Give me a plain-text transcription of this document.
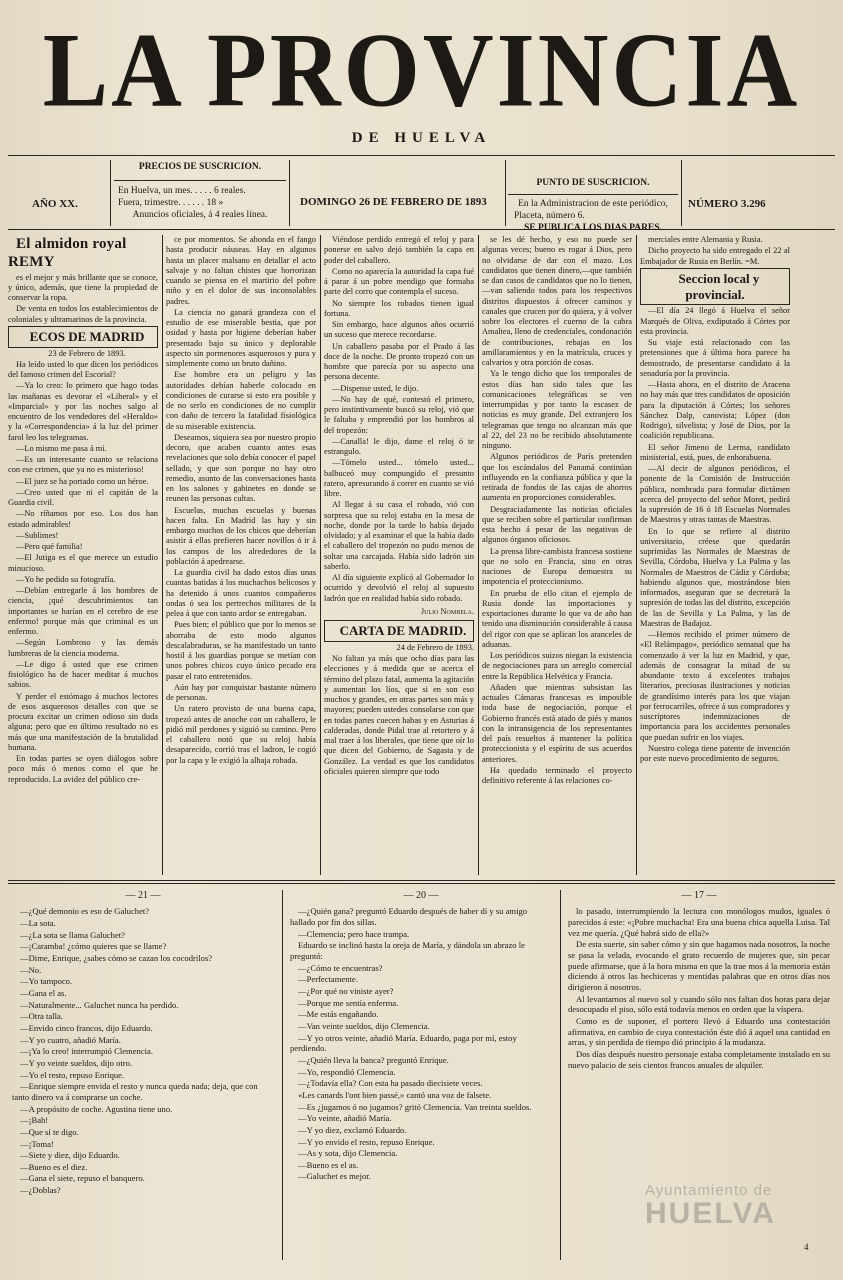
LA PROVINCIA
DE HUELVA
AÑO XX.
PRECIOS DE SUSCRICION.
En Huelva, un mes. . . . . 6 reales.
Fuera, trimestre. . . . . . 18 »
Anuncios oficiales, á 4 reales línea.
DOMINGO 26 DE FEBRERO DE 1893
PUNTO DE SUSCRICION.
En la Administracion de este periódico,
Placeta, número 6.
SE PUBLICA LOS DIAS PARES.
NÚMERO 3.296

El almidon royal REMY

es el mejor y más brillante que se conoce, y único, además, que tiene la propiedad de conservar la ropa.

De venta en todos los establecimientos de coloniales y ultramarinos de la provincia.

ECOS DE MADRID

23 de Febrero de 1893.

Ha leído usted lo que dicen los periódicos del famoso crimen del Escorial?

—Ya lo creo: lo primero que hago todas las mañanas es devorar el «Liberal» y el «Imparcial» y por las noches salgo al encuentro de los vendedores del «Heraldo» y la «Correspondencia» á la luz del primer farol leo los telegramas.

—Lo mismo me pasa á mí.

—Es un interesante cuanto se relaciona con ese crimen, que ya no es misterioso!

—El juez se ha portado como un héroe.

—Creo usted que ni el capitán de la Guardia civil.

—No ríñamos por eso. Los dos han estado admirables!

—Sublimes!

—Pero qué familia!

—El Jutiga es el que merece un estudio minucioso.

—Yo he pedido su fotografía.

—Debían entregarle á los hombres de ciencia, ¡qué descubrimientos tan importantes se harían en el cerebro de ese enfermo! porque más que criminal es un enfermo.

—Según Lombroso y las demás lumbreras de la ciencia moderna.

—Le digo á usted que ese crimen fisiológico ha de hacer meditar á muchos sabios.

Y perder el estómago á muchos lectores de esos asquerosos detalles con que se procura excitar un crimen odioso sin duda alguna; pero que en último resultado no es más que una manifestación de la brutalidad humana.

En todas partes se oyen diálogos sobre poco más ó menos como el que he reproducido. La avidez del público cre-

ce por momentos. Se ahonda en el fango hasta producir náuseas. Hay en algunos hasta un placer malsano en detallar el acto salvaje y no faltan chistes que horrorizan cuando se piensa en el martirio del pobre niño y en el dolor de sus inconsolables padres.

La ciencia no ganará grandeza con el estudio de ese miserable bestia, que por osidad y hasta por higiene deberían haber presentado bajo su único y deplorable aspecto sin pormenores asquerosos y pura y simplemente como un bruto dañino.

Ese hombre era un peligro y las autoridades debían haberle colocado en condiciones de curarse si esto era posible y de no serlo en condiciones de no cumplir con daño de tercero la fatalidad fisiológica de su miserable existencia.

Deseamos, siquiera sea por nuestro propio decoro, que acaben cuanto antes esas revelaciones que solo debía conocer el papel sellado, y que son porque no hay otro remedio, asunto de las conversaciones hasta en los salones y gabinetes en donde se reunen las personas cultas.

Escuelas, muchas escuelas y buenas hacen falta. En Madrid las hay y sin embargo muchos de los chicos que deberían asistir á ellas prefieren hacer novillos ó ir á los campos de los alrededores de la población á apedrearse.

La guardia civil ha dado estos días unas cuantas batidas á los muchachos belicosos y ha detenido á unos cuantos compañeros ondas ó sea los pertrechos militares de la pelea á que con tanto ardor se entregaban.

Pues bien; el público que por lo menos se ahorraba de esto modo algunos descalabraduras, se ha manifestado un tanto hostil á los guardias porque se metían con unos pobres chicos cuyo único pecado era pasar el rato entretenidos.

Aún hay por conquistar bastante número de personas.

Un ratero provisto de una buena capa, tropezó antes de anoche con un caballero, le pidió mil perdones y siguió su camino. Pero el caballero notó que su reloj había desaparecido, corrió tras el ladron, le cogió por la capa y le exigió la alhaja robada.

Viéndose perdido entregó el reloj y para ponerse en salvo dejó también la capa en poder del caballero.

Como no aparecía la autoridad la capa fué á parar á un pobre mendigo que formaba parte del corro que contempla el suceso.

No siempre los robados tienen igual fortuna.

Sin embargo, hace algunos años ocurrió un suceso que merece recordarse.

Un caballero pasaba por el Prado á las doce de la noche. De pronto tropezó con un hombre que parecía por su aspecto una persona decente.

—Dispense usted, le dijo.

—No hay de qué, contestó el primero, pero instintivamente buscó su reloj, vió que le faltaba y emprendió por los hombros al del tropezón:

—Canalla! le dijo, dame el reloj ó te estrangulo.

—Tómelo usted... tómelo usted... balbuceó muy compungido el presunto ratero, apresurando á correr en cuanto se vió libre.

Al llegar á su casa el robado, vió con sorpresa que su reloj estaba en la mesa de noche, donde por la tarde lo había dejado olvidado; y al examinar el que la había dado el caballero del tropezón no pudo menos de soltar una carcajada. Había sido ladrón sin saberlo.

Al día siguiente explicó al Gobernador lo ocurrido y devolvió el reloj al supuesto ladrón que en realidad había sido robado.

Julio Nombela.

CARTA DE MADRID.

24 de Febrero de 1893.

No faltan ya más que ocho días para las elecciones y á medida que se acerca el término del plazo fatal, aumenta la agitación y aumentan los líos, que si en son eso muchos y grandes, en otras partes son más y mayores; pueden ustedes consolarse con que en todas partes cuecen habas y en Asturias á calderadas, donde Pidal trae al retortero y á mal traer á los liberales, que tiene que oír lo que dicen del Gobierno, de Sagasta y de González. La verdad es que los candidatos oficiales quieren siempre que todo

se les dé hecho, y eso no puede ser algunas veces; bueno es rogar á Dios, pero no olvidarse de dar con el mazo. Los candidatos que tienen dinero,—que también se dan casos de candidatos que no lo tienen,—van saliendo todos para los respectivos distritos dispuestos á ofrecer caminos y canales que crucen por do quiera, y á volver sobre los electores el cuerno de la cabra Amaltea, lleno de credenciales, condonación de contribuciones, rebajas en los amillaramientos y en la matrícula, cruces y calvarios y otra porción de cosas.

Ya le tengo dicho que los temporales de estos días han sido tales que las comunicaciones telegráficas se ven interrumpidas y por tanto la escasez de noticias es muy grande. Del extranjero los telegramas que tengo no alcanzan más que al 22, del 23 no he recibido absolutamente ninguno.

Algunos periódicos de París pretenden que los escándalos del Panamá continúan influyendo en la confianza pública y que la retirada de fondos de las cajas de ahorros aumenta en proporciones considerables.

Desgraciadamente las noticias oficiales que se reciben sobre el particular confirman esta hecho á pesar de las negativas de algunos órganos oficiosos.

La prensa libre-cambista francesa sostiene que no solo en Francia, sino en otras naciones de Europa demuestra su impotencia el proteccionismo.

En prueba de ello citan el ejemplo de Rusia donde las importaciones y exportaciones durante lo que va de año han tenido una disminución considerable á causa del rigor con que se aplican los aranceles de aduanas.

Los periódicos suizos niegan la existencia de negociaciones para un arreglo comercial entre la República Helvética y Francia.

Añaden que mientras subsistan las actuales Cámaras francesas es imposible toda base de negociación, porque el Gobierno francés está atado de piés y manos con la intransigencia de los representantes del país resueltos á mantener la política proteccionista y el espíritu de sus acuerdos anteriores.

Ha quedado terminado el proyecto definitivo referente á las relaciones co-

merciales entre Alemania y Rusia.

Dicho proyecto ha sido entregado el 22 al Embajador de Rusia en Berlín. =M.

Seccion local y provincial.

—El día 24 llegó á Huelva el señor Marqués de Oliva, exdiputado á Córtes por esta provincia.

Su viaje está relacionado con las pretensiones que á última hora parece ha demostrado, de presentarse candidato á la senaduría por la provincia.

—Hasta ahora, en el distrito de Aracena no hay más que tres candidatos de oposición para la diputación á Córtes; los señores Sánchez Dalp, canovista; López (don Rodrigo), silvelista; y José de Dios, por la coalición republicana.

El señor Jimeno de Lerma, candidato ministerial, está, pues, de enhorabuena.

—Al decir de algunos periódicos, el ponente de la Comisión de Instrucción pública, nombrada para formular dictámen acerca del proyecto del señor Moret, pedirá la supresión de 16 ó 18 Escuelas Normales de Maestros y otras tantas de Maestras.

En lo que se refiere al distrito universitario, créese que quedarán suprimidas las Normales de Maestras de Sevilla, Córdoba, Huelva y La Palma y las Normales de Maestros de Cádiz y Córdoba; habiendo algunos que, mostrándose bien informados, aseguran que se decretará la supresión de todas las del distrito, excepción de las de Sevilla y La Palma, y las de Maestras de Badajoz.

—Hemos recibido el primer número de «El Relámpago», periódico semanal que ha comenzado á ver la luz en Madrid, y que, además de consagrar la mitad de su abundante texto á excelentes trabajos literarios, preciosas ilustraciones y noticias de grandísimo interés para los que viajan por ferrocarriles, ofrece á sus compradores y suscriptores indemnizaciones de importancia para los accidentes personales que puedan sufrir en los viajes.

Nuestro colega tiene patente de invención por este nuevo procedimiento de seguros.

— 21 —

—¿Qué demonio es eso de Galuchet?

—La sota.

—¿La sota se llama Galuchet?

—¡Caramba! ¿cómo quieres que se llame?

—Dime, Enrique, ¿sabes cómo se cazan los cocodrilos?

—No.

—Yo tampoco.

—Gana el as.

—Naturalmente... Galuchet nunca ha perdido.

—Otra talla.

—Envido cinco francos, dijo Eduardo.

—Y yo cuatro, añadió María.

—¡Ya lo creo! interrumpió Clemencia.

—Y yo veinte sueldos, dijo otro.

—Yo el resto, repuso Enrique.

—Enrique siempre envida el resto y nunca queda nada; deja, que con tanto dinero va á comprarse un coche.

—A propósito de coche. Agustina tiene uno.

—¡Bah!

—Que sí te digo.

—¡Toma!

—Siete y diez, dijo Eduardo.

—Bueno es el diez.

—Gana el siete, repuso el banquero.

—¿Doblas?

— 20 —

—¿Quién gana? preguntó Eduardo después de haber dí y su amigo hallado por fin dos sillas.

—Clemencia; pero hace trampa.

Eduardo se inclinó hasta la oreja de María, y dándola un abrazo le preguntó:

—¿Cómo te encuentras?

—Perfectamente.

—¿Por qué no viniste ayer?

—Porque me sentía enferma.

—Me estás engañando.

—Van veinte sueldos, dijo Clemencia.

—Y yo otros veinte, añadió María. Eduardo, paga por mí, estoy perdiendo.

—¿Quién lleva la banca? preguntó Enrique.

—Yo, respondió Clemencia.

—¿Todavía ella? Con esta ha pasado diecisiete veces.

«Les canards l'ont bien passé,» cantó una voz de falsete.

—Es ¿jugamos ó no jugamos? gritó Clemencia. Van treinta sueldos.

—Yo veinte, añadió María.

—Y yo diez, exclamó Eduardo.

—Y yo envido el resto, repuso Enrique.

—As y sota, dijo Clemencia.

—Bueno es el as.

—Galuchet es mejor.

— 17 —

lo pasado, interrumpiendo la lectura con monólogos mudos, iguales ó parecidos á este: «¡Pobre muchacha! Era una buena chica aquella Luisa. Tal vez me quería. ¿Qué habrá sido de ella?»

De esta suerte, sin saber cómo y sin que hagamos nada nosotros, la noche se pasa la velada, evocando el grato recuerdo de mujeres que, sin pecar puede afirmarse, que á la hora misma en que la trae mos á la memoria están diciendo á otros las hechiceras y mentidas palabras que en otros días nos dirigieron á nosotros.

Al levantarnos al nuevo sol y cuando sólo nos faltan dos horas para dejar desocupado el piso, sólo está todavía menos en orden que la víspera.

Como es de suponer, el portero llevó á Eduardo una contestación afirmativa, en cambio de cuya contestación éste dió á aquel una cantidad en arras, y sin perdida de tiempo dió principio á la mudanza.

Dos días después nuestro personaje estaba completamente instalado en su nuevo palacio de seis cientos francos anuales de alquiler.

Ayuntamiento de
HUELVA
4
